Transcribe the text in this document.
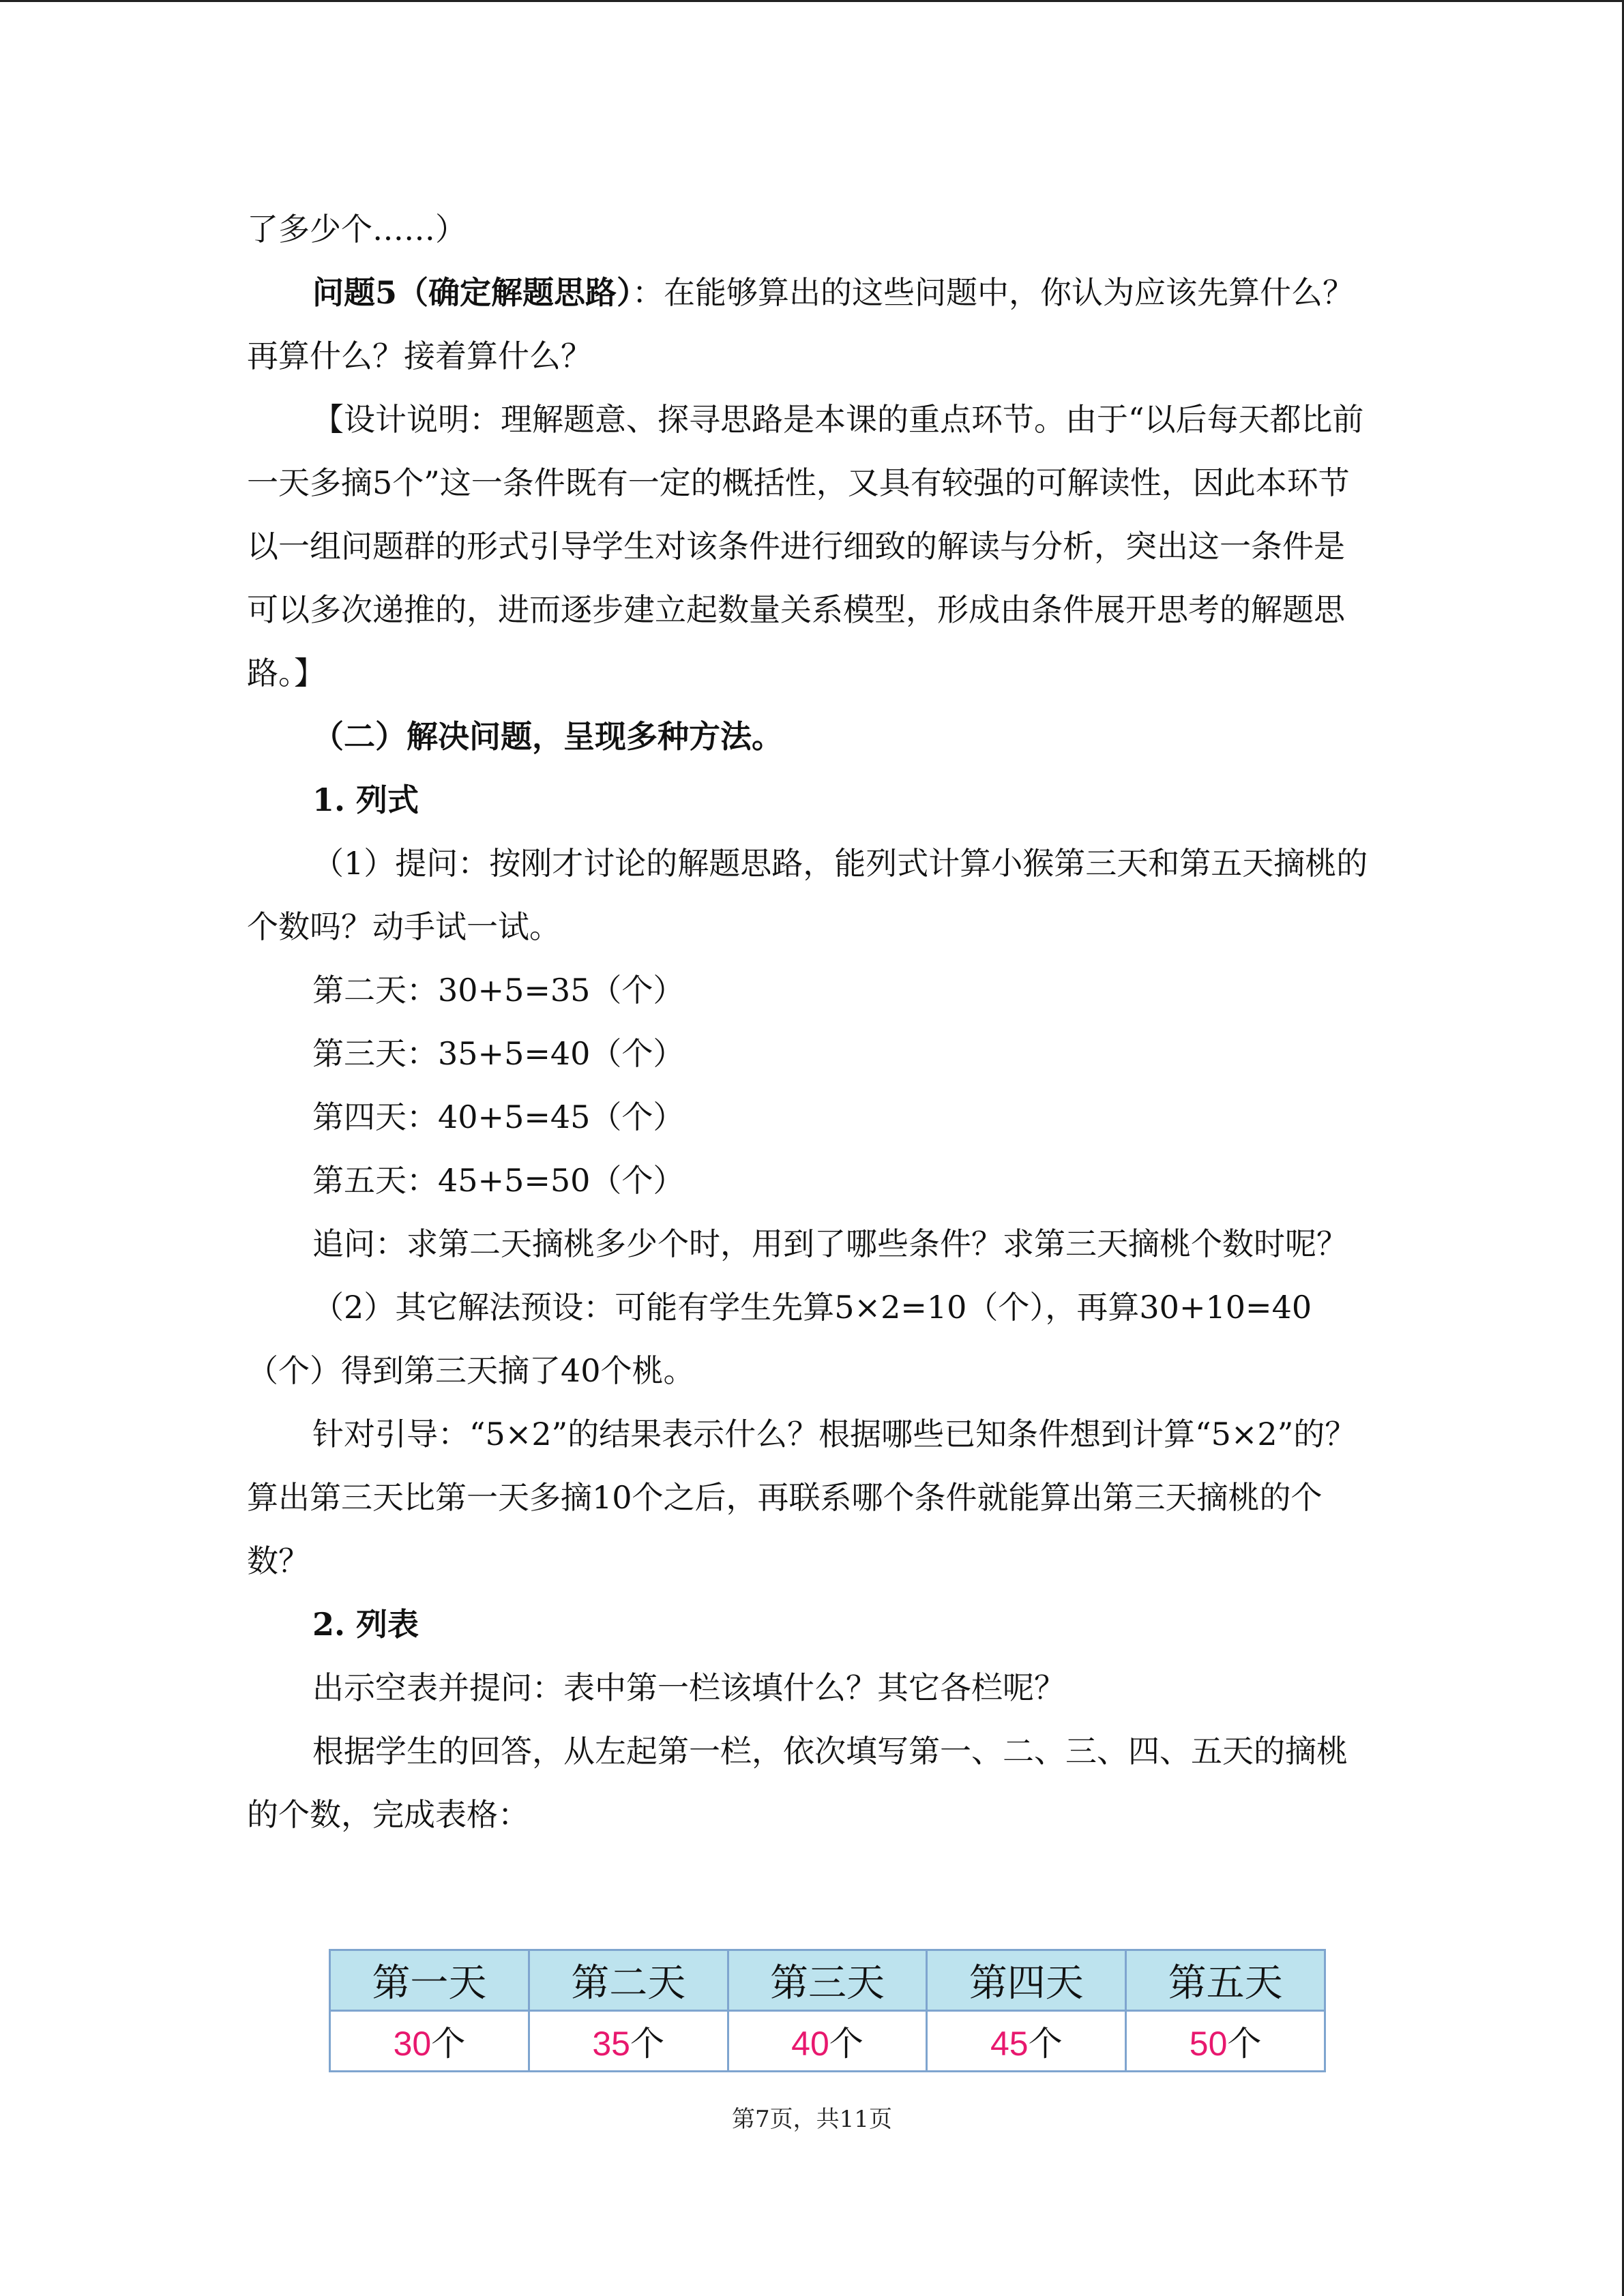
了多少个……）

问题5（确定解题思路）：在能够算出的这些问题中，你认为应该先算什么？再算什么？接着算什么？

【设计说明：理解题意、探寻思路是本课的重点环节。由于“以后每天都比前一天多摘5个”这一条件既有一定的概括性，又具有较强的可解读性，因此本环节以一组问题群的形式引导学生对该条件进行细致的解读与分析，突出这一条件是可以多次递推的，进而逐步建立起数量关系模型，形成由条件展开思考的解题思路。】

（二）解决问题，呈现多种方法。

1. 列式

（1）提问：按刚才讨论的解题思路，能列式计算小猴第三天和第五天摘桃的个数吗？动手试一试。

第二天：30+5=35（个）

第三天：35+5=40（个）

第四天：40+5=45（个）

第五天：45+5=50（个）

追问：求第二天摘桃多少个时，用到了哪些条件？求第三天摘桃个数时呢？

（2）其它解法预设：可能有学生先算5×2=10（个），再算30+10=40（个）得到第三天摘了40个桃。

针对引导：“5×2”的结果表示什么？根据哪些已知条件想到计算“5×2”的？算出第三天比第一天多摘10个之后，再联系哪个条件就能算出第三天摘桃的个数？

2. 列表

出示空表并提问：表中第一栏该填什么？其它各栏呢？

根据学生的回答，从左起第一栏，依次填写第一、二、三、四、五天的摘桃的个数，完成表格：

第一天	第二天	第三天	第四天	第五天
30个	35个	40个	45个	50个
第7页，共11页
